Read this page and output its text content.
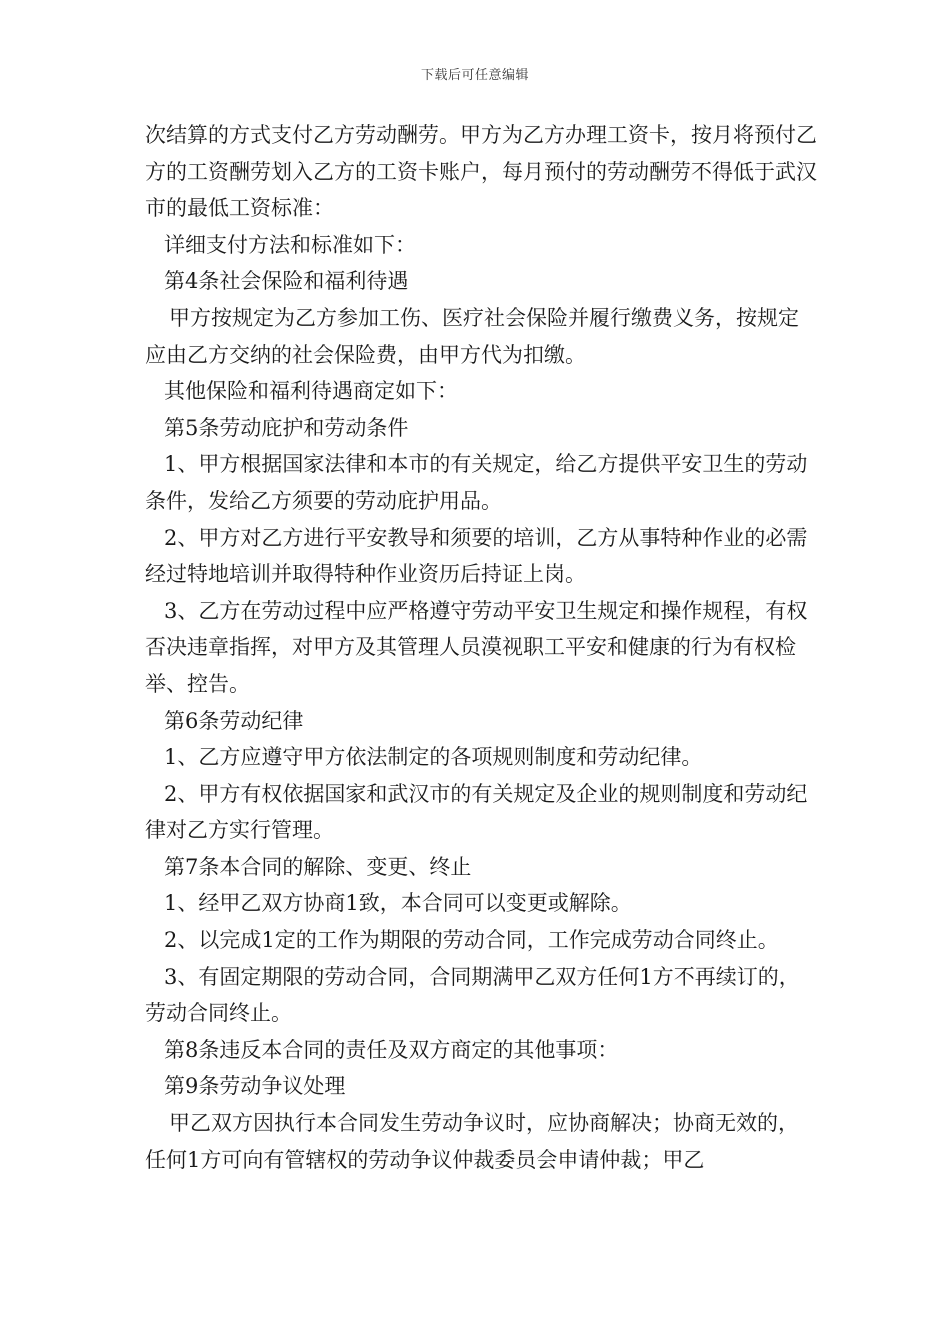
下载后可任意编辑

次结算的方式支付乙方劳动酬劳。甲方为乙方办理工资卡，按月将预付乙方的工资酬劳划入乙方的工资卡账户，每月预付的劳动酬劳不得低于武汉市的最低工资标准：

详细支付方法和标准如下：

第4条社会保险和福利待遇

甲方按规定为乙方参加工伤、医疗社会保险并履行缴费义务，按规定应由乙方交纳的社会保险费，由甲方代为扣缴。

其他保险和福利待遇商定如下：

第5条劳动庇护和劳动条件

1、甲方根据国家法律和本市的有关规定，给乙方提供平安卫生的劳动条件，发给乙方须要的劳动庇护用品。

2、甲方对乙方进行平安教导和须要的培训，乙方从事特种作业的必需经过特地培训并取得特种作业资历后持证上岗。

3、乙方在劳动过程中应严格遵守劳动平安卫生规定和操作规程，有权否决违章指挥，对甲方及其管理人员漠视职工平安和健康的行为有权检举、控告。

第6条劳动纪律

1、乙方应遵守甲方依法制定的各项规则制度和劳动纪律。

2、甲方有权依据国家和武汉市的有关规定及企业的规则制度和劳动纪律对乙方实行管理。

第7条本合同的解除、变更、终止

1、经甲乙双方协商1致，本合同可以变更或解除。

2、以完成1定的工作为期限的劳动合同，工作完成劳动合同终止。

3、有固定期限的劳动合同，合同期满甲乙双方任何1方不再续订的，劳动合同终止。

第8条违反本合同的责任及双方商定的其他事项：

第9条劳动争议处理

甲乙双方因执行本合同发生劳动争议时，应协商解决；协商无效的，任何1方可向有管辖权的劳动争议仲裁委员会申请仲裁；甲乙
